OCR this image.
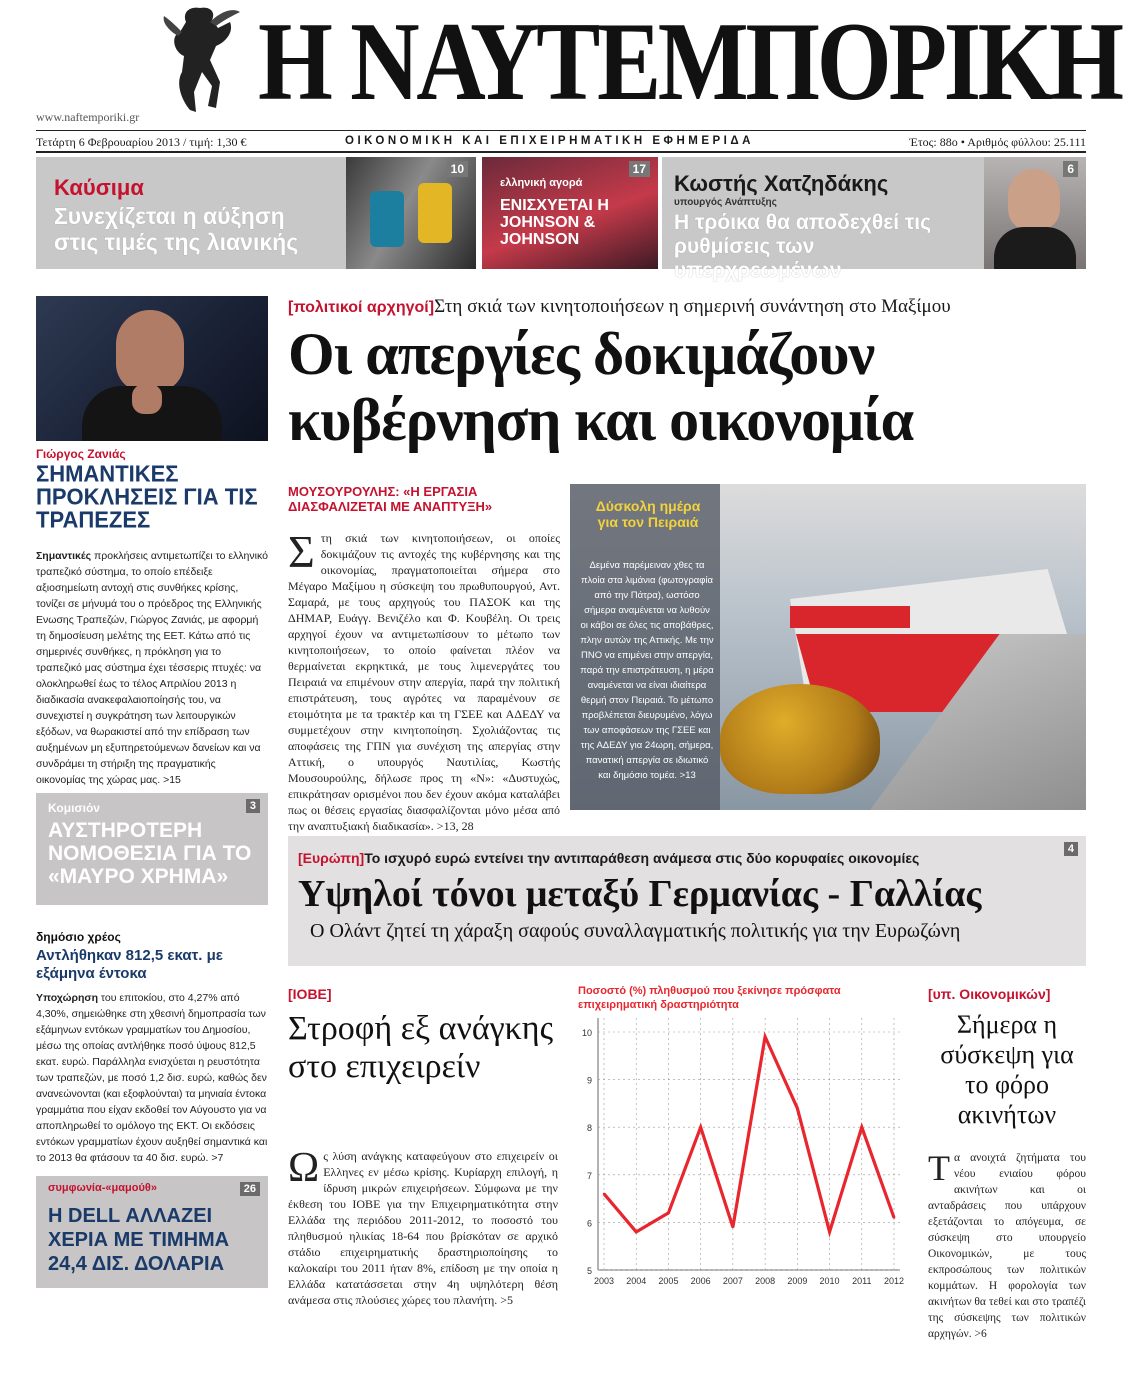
Η ΝΑΥΤΕΜΠΟΡΙΚΗ
www.naftemporiki.gr
Τετάρτη 6 Φεβρουαρίου 2013 / τιμή: 1,30 €	ΟΙΚΟΝΟΜΙΚΗ ΚΑΙ ΕΠΙΧΕΙΡΗΜΑΤΙΚΗ ΕΦΗΜΕΡΙΔΑ	Έτος: 88ο • Αριθμός φύλλου: 25.111
Καύσιμα
Συνεχίζεται η αύξηση στις τιμές της λιανικής
10
ελληνική αγορά
ΕΝΙΣΧΥΕΤΑΙ Η JOHNSON & JOHNSON
17
Κωστής Χατζηδάκης
υπουργός Ανάπτυξης
Η τρόικα θα αποδεχθεί τις ρυθμίσεις των υπερχρεωμένων
6
Γιώργος Ζανιάς
ΣΗΜΑΝΤΙΚΕΣ ΠΡΟΚΛΗΣΕΙΣ ΓΙΑ ΤΙΣ ΤΡΑΠΕΖΕΣ
Σημαντικές προκλήσεις αντιμετωπίζει το ελληνικό τραπεζικό σύστημα, το οποίο επέδειξε αξιοσημείωτη αντοχή στις συνθήκες κρίσης, τονίζει σε μήνυμά του ο πρόεδρος της Ελληνικής Ενωσης Τραπεζών, Γιώργος Ζανιάς, με αφορμή τη δημοσίευση μελέτης της ΕΕΤ. Κάτω από τις σημερινές συνθήκες, η πρόκληση για το τραπεζικό μας σύστημα έχει τέσσερις πτυχές: να ολοκληρωθεί έως το τέλος Απριλίου 2013 η διαδικασία ανακεφαλαιοποίησής του, να συνεχιστεί η συγκράτηση των λειτουργικών εξόδων, να θωρακιστεί από την επίδραση των αυξημένων μη εξυπηρετούμενων δανείων και να συνδράμει τη στήριξη της πραγματικής οικονομίας της χώρας μας. >15
Κομισιόν
ΑΥΣΤΗΡΟΤΕΡΗ ΝΟΜΟΘΕΣΙΑ ΓΙΑ ΤΟ «ΜΑΥΡΟ ΧΡΗΜΑ»
3
δημόσιο χρέος
Αντλήθηκαν 812,5 εκατ. με εξάμηνα έντοκα
Υποχώρηση του επιτοκίου, στο 4,27% από 4,30%, σημειώθηκε στη χθεσινή δημοπρασία των εξάμηνων εντόκων γραμματίων του Δημοσίου, μέσω της οποίας αντλήθηκε ποσό ύψους 812,5 εκατ. ευρώ. Παράλληλα ενισχύεται η ρευστότητα των τραπεζών, με ποσό 1,2 δισ. ευρώ, καθώς δεν ανανεώνονται (και εξοφλούνται) τα μηνιαία έντοκα γραμμάτια που είχαν εκδοθεί τον Αύγουστο για να αποπληρωθεί το ομόλογο της ΕΚΤ. Οι εκδόσεις εντόκων γραμματίων έχουν αυξηθεί σημαντικά και το 2013 θα φτάσουν τα 40 δισ. ευρώ. >7
συμφωνία-«μαμούθ»
Η DELL ΑΛΛΑΖΕΙ ΧΕΡΙΑ ΜΕ ΤΙΜΗΜΑ 24,4 ΔΙΣ. ΔΟΛΑΡΙΑ
26
[πολιτικοί αρχηγοί]Στη σκιά των κινητοποιήσεων η σημερινή συνάντηση στο Μαξίμου
Οι απεργίες δοκιμάζουν
κυβέρνηση και οικονομία
ΜΟΥΣΟΥΡΟΥΛΗΣ: «Η ΕΡΓΑΣΙΑ ΔΙΑΣΦΑΛΙΖΕΤΑΙ ΜΕ ΑΝΑΠΤΥΞΗ»
Στη σκιά των κινητοποιήσεων, οι οποίες δοκιμάζουν τις αντοχές της κυβέρνησης και της οικονομίας, πραγματοποιείται σήμερα στο Μέγαρο Μαξίμου η σύσκεψη του πρωθυπουργού, Αντ. Σαμαρά, με τους αρχηγούς του ΠΑΣΟΚ και της ΔΗΜΑΡ, Ευάγγ. Βενιζέλο και Φ. Κουβέλη. Οι τρεις αρχηγοί έχουν να αντιμετωπίσουν το μέτωπο των κινητοποιήσεων, το οποίο φαίνεται πλέον να θερμαίνεται εκρηκτικά, με τους λιμενεργάτες του Πειραιά να επιμένουν στην απεργία, παρά την πολιτική επιστράτευση, τους αγρότες να παραμένουν σε ετοιμότητα με τα τρακτέρ και τη ΓΣΕΕ και ΑΔΕΔΥ να συμμετέχουν στην κινητοποίηση. Σχολιάζοντας τις αποφάσεις της ΓΠΝ για συνέχιση της απεργίας στην Αττική, ο υπουργός Ναυτιλίας, Κωστής Μουσουρούλης, δήλωσε προς τη «Ν»: «Δυστυχώς, επικράτησαν ορισμένοι που δεν έχουν ακόμα καταλάβει πως οι θέσεις εργασίας διασφαλίζονται μόνο μέσα από την αναπτυξιακή διαδικασία». >13, 28
Δύσκολη ημέρα για τον Πειραιά
Δεμένα παρέμειναν χθες τα πλοία στα λιμάνια (φωτογραφία από την Πάτρα), ωστόσο σήμερα αναμένεται να λυθούν οι κάβοι σε όλες τις αποβάθρες, πλην αυτών της Αττικής. Με την ΠΝΟ να επιμένει στην απεργία, παρά την επιστράτευση, η μέρα αναμένεται να είναι ιδιαίτερα θερμή στον Πειραιά. Το μέτωπο προβλέπεται διευρυμένο, λόγω των αποφάσεων της ΓΣΕΕ και της ΑΔΕΔΥ για 24ωρη, σήμερα, πανατική απεργία σε ιδιωτικό και δημόσιο τομέα. >13
[Ευρώπη]Το ισχυρό ευρώ εντείνει την αντιπαράθεση ανάμεσα στις δύο κορυφαίες οικονομίες
Υψηλοί τόνοι μεταξύ Γερμανίας - Γαλλίας
Ο Ολάντ ζητεί τη χάραξη σαφούς συναλλαγματικής πολιτικής για την Ευρωζώνη
4
[ΙΟΒΕ]
Στροφή εξ ανάγκης στο επιχειρείν
Ως λύση ανάγκης καταφεύγουν στο επιχειρείν οι Ελληνες εν μέσω κρίσης. Κυρίαρχη επιλογή, η ίδρυση μικρών επιχειρήσεων. Σύμφωνα με την έκθεση του ΙΟΒΕ για την Επιχειρηματικότητα στην Ελλάδα της περιόδου 2011-2012, το ποσοστό του πληθυσμού ηλικίας 18-64 που βρίσκόταν σε αρχικό στάδιο επιχειρηματικής δραστηριοποίησης το καλοκαίρι του 2011 ήταν 8%, επίδοση με την οποία η Ελλάδα κατατάσσεται στην 4η υψηλότερη θέση ανάμεσα στις πλούσιες χώρες του πλανήτη. >5
Ποσοστό (%) πληθυσμού που ξεκίνησε πρόσφατα επιχειρηματική δραστηριότητα
10
9
8
7
6
5
2003 2004 2005 2006 2007 2008 2009 2010 2011 2012
[υπ. Οικονομικών]
Σήμερα η σύσκεψη για το φόρο ακινήτων
Τα ανοιχτά ζητήματα του νέου ενιαίου φόρου ακινήτων και οι ανταδράσεις που υπάρχουν εξετάζονται το απόγευμα, σε σύσκεψη στο υπουργείο Οικονομικών, με τους εκπροσώπους των πολιτικών κομμάτων. Η φορολογία των ακινήτων θα τεθεί και στο τραπέζι της σύσκεψης των πολιτικών αρχηγών. >6
